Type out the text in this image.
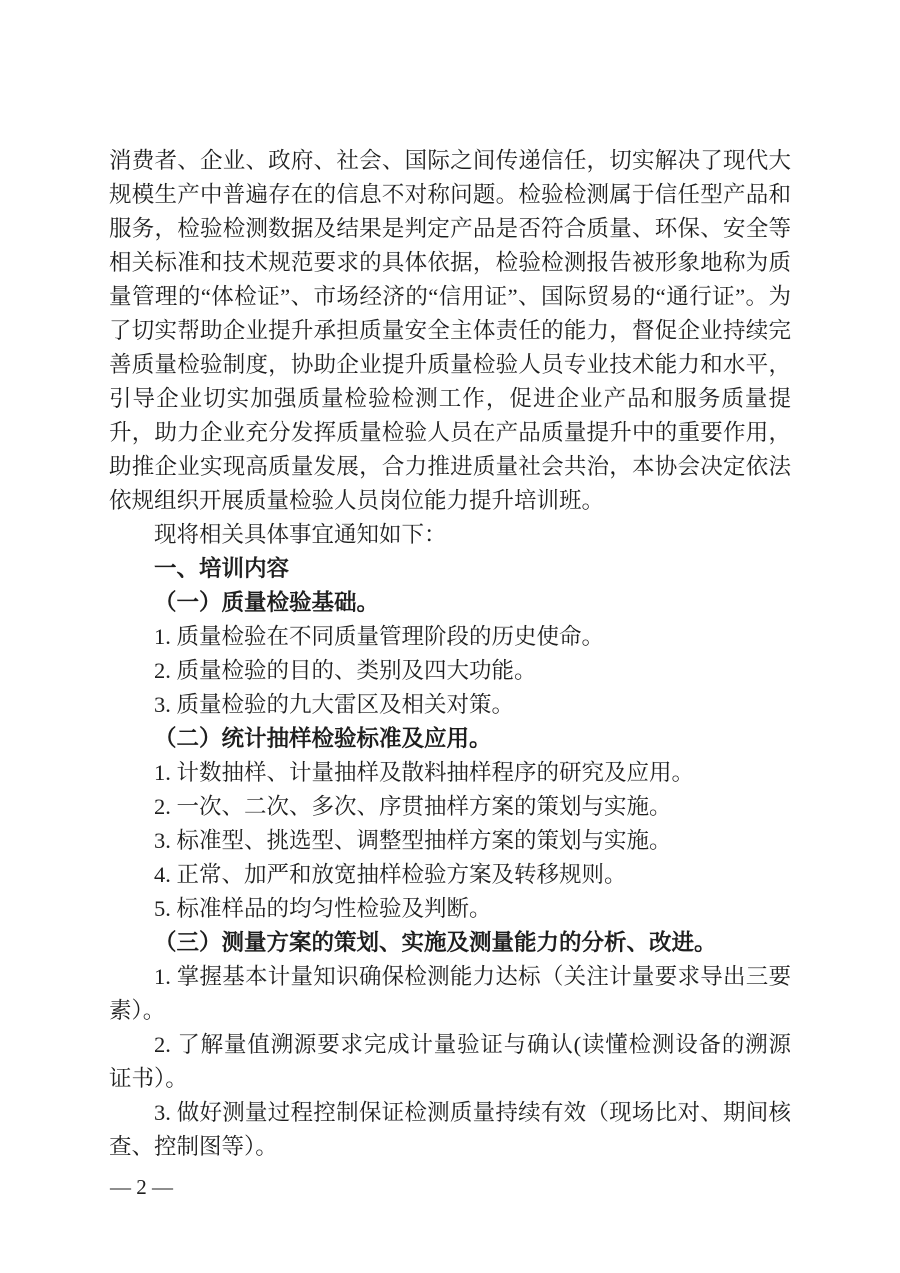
消费者、企业、政府、社会、国际之间传递信任，切实解决了现代大规模生产中普遍存在的信息不对称问题。检验检测属于信任型产品和服务，检验检测数据及结果是判定产品是否符合质量、环保、安全等相关标准和技术规范要求的具体依据，检验检测报告被形象地称为质量管理的“体检证”、市场经济的“信用证”、国际贸易的“通行证”。为了切实帮助企业提升承担质量安全主体责任的能力，督促企业持续完善质量检验制度，协助企业提升质量检验人员专业技术能力和水平，引导企业切实加强质量检验检测工作，促进企业产品和服务质量提升，助力企业充分发挥质量检验人员在产品质量提升中的重要作用，助推企业实现高质量发展，合力推进质量社会共治，本协会决定依法依规组织开展质量检验人员岗位能力提升培训班。

现将相关具体事宜通知如下：

一、培训内容

（一）质量检验基础。

1. 质量检验在不同质量管理阶段的历史使命。

2. 质量检验的目的、类别及四大功能。

3. 质量检验的九大雷区及相关对策。

（二）统计抽样检验标准及应用。

1. 计数抽样、计量抽样及散料抽样程序的研究及应用。

2. 一次、二次、多次、序贯抽样方案的策划与实施。

3. 标准型、挑选型、调整型抽样方案的策划与实施。

4. 正常、加严和放宽抽样检验方案及转移规则。

5. 标准样品的均匀性检验及判断。

（三）测量方案的策划、实施及测量能力的分析、改进。

1. 掌握基本计量知识确保检测能力达标（关注计量要求导出三要素）。

2. 了解量值溯源要求完成计量验证与确认(读懂检测设备的溯源证书）。

3. 做好测量过程控制保证检测质量持续有效（现场比对、期间核查、控制图等）。

— 2 —
